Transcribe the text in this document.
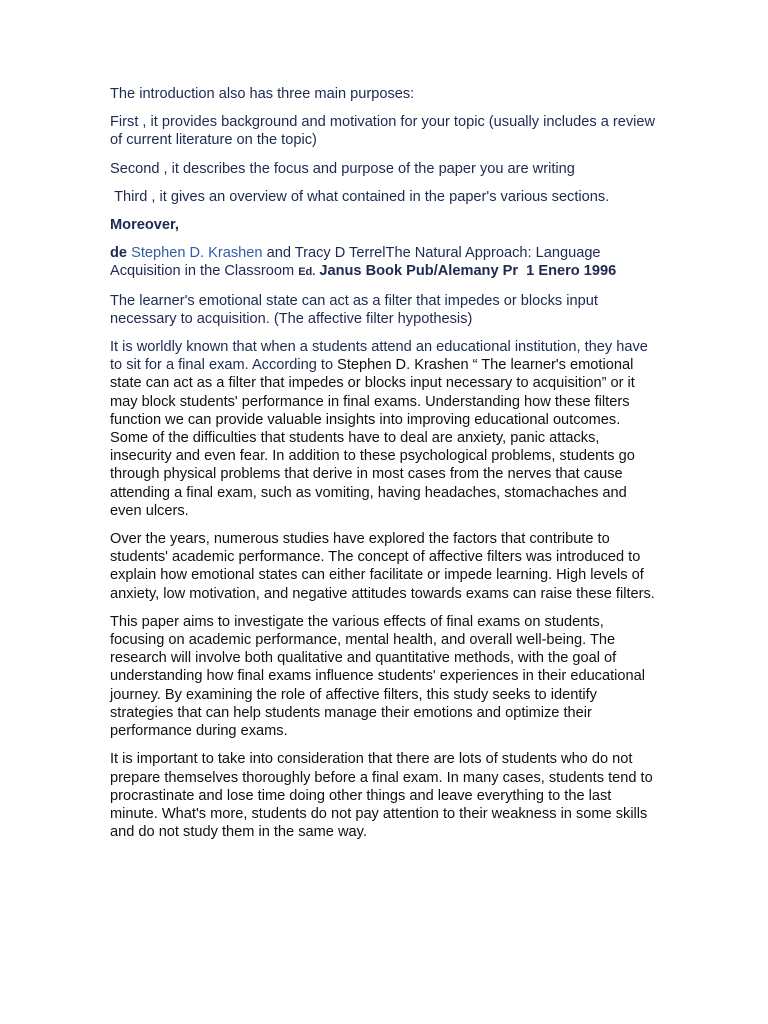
The introduction also has three main purposes:

First , it provides background and motivation for your topic (usually includes a review of current literature on the topic)

Second , it describes the focus and purpose of the paper you are writing

Third , it gives an overview of what contained in the paper's various sections.

Moreover,

de Stephen D. Krashen and Tracy D TerrelThe Natural Approach: Language Acquisition in the Classroom Ed. Janus Book Pub/Alemany Pr  1 Enero 1996

The learner's emotional state can act as a filter that impedes or blocks input necessary to acquisition. (The affective filter hypothesis)

It is worldly known that when a students attend an educational institution, they have to sit for a final exam. According to Stephen D. Krashen “ The learner's emotional state can act as a filter that impedes or blocks input necessary to acquisition” or it may block students' performance in final exams. Understanding how these filters function we can provide valuable insights into improving educational outcomes. Some of the difficulties that students have to deal are anxiety, panic attacks, insecurity and even fear. In addition to these psychological problems, students go through physical problems that derive in most cases from the nerves that cause attending a final exam, such as vomiting, having headaches, stomachaches and even ulcers.

Over the years, numerous studies have explored the factors that contribute to students' academic performance. The concept of affective filters was introduced to explain how emotional states can either facilitate or impede learning. High levels of anxiety, low motivation, and negative attitudes towards exams can raise these filters.

This paper aims to investigate the various effects of final exams on students, focusing on academic performance, mental health, and overall well-being. The research will involve both qualitative and quantitative methods, with the goal of understanding how final exams influence students' experiences in their educational journey. By examining the role of affective filters, this study seeks to identify strategies that can help students manage their emotions and optimize their performance during exams.

It is important to take into consideration that there are lots of students who do not prepare themselves thoroughly before a final exam. In many cases, students tend to procrastinate and lose time doing other things and leave everything to the last minute. What's more, students do not pay attention to their weakness in some skills and do not study them in the same way.
